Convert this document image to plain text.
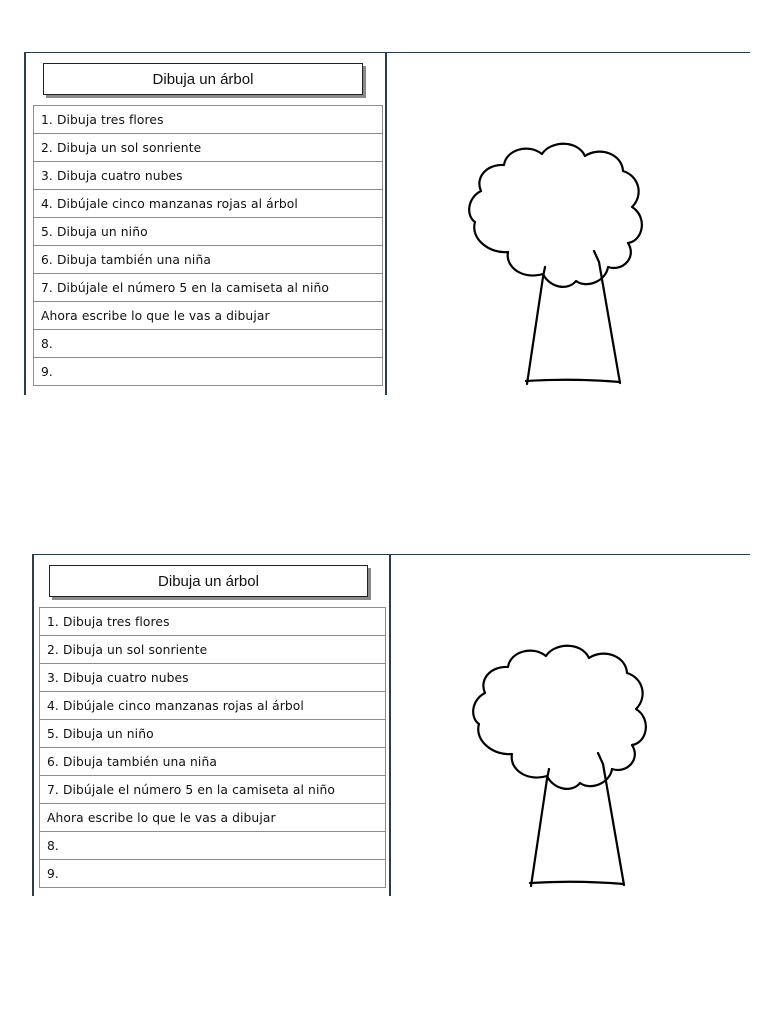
Dibuja un árbol
1. Dibuja tres flores
2. Dibuja un sol sonriente
3. Dibuja cuatro nubes
4. Dibújale cinco manzanas rojas al árbol
5. Dibuja un niño
6. Dibuja también una niña
7. Dibújale el número 5 en la camiseta al niño
Ahora escribe lo que le vas a dibujar
8.
9.
Dibuja un árbol
1. Dibuja tres flores
2. Dibuja un sol sonriente
3. Dibuja cuatro nubes
4. Dibújale cinco manzanas rojas al árbol
5. Dibuja un niño
6. Dibuja también una niña
7. Dibújale el número 5 en la camiseta al niño
Ahora escribe lo que le vas a dibujar
8.
9.
